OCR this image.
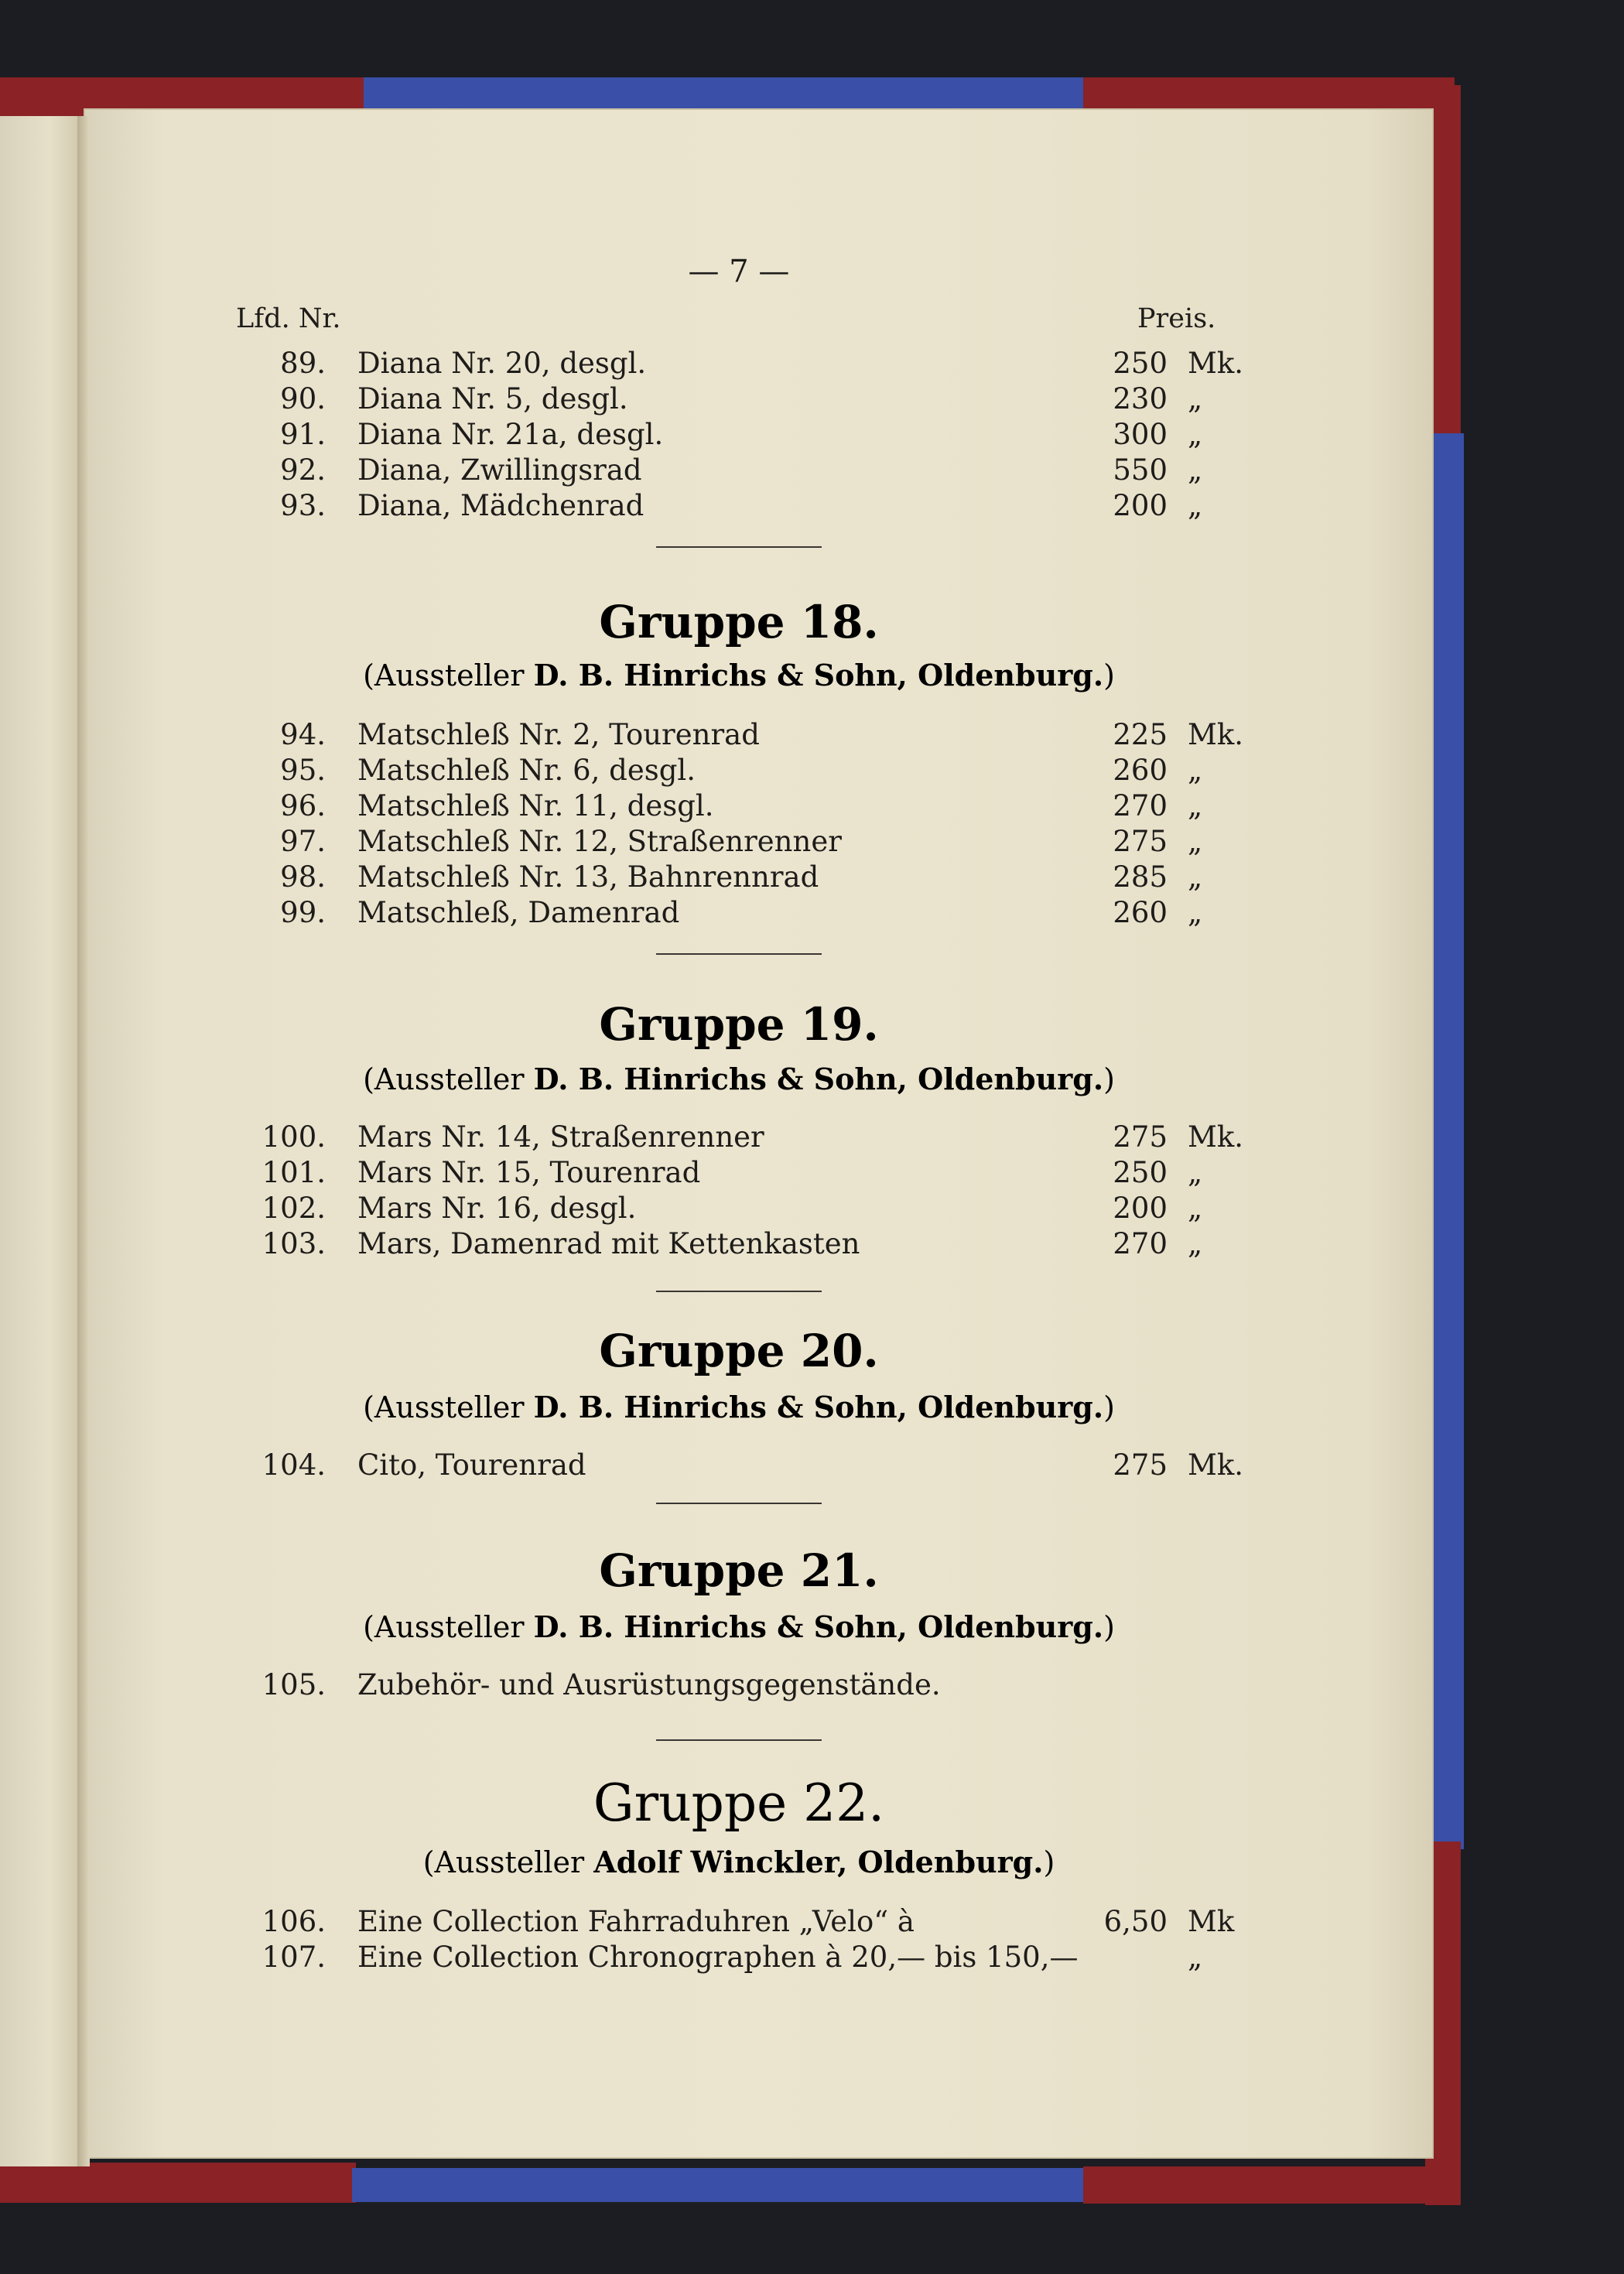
— 7 —
Lfd. Nr.	Preis.
89. Diana Nr. 20, desgl.	250 Mk.
90. Diana Nr. 5, desgl.	230 „
91. Diana Nr. 21a, desgl.	300 „
92. Diana, Zwillingsrad	550 „
93. Diana, Mädchenrad	200 „
Gruppe 18.
(Aussteller D. B. Hinrichs & Sohn, Oldenburg.)
94. Matschleß Nr. 2, Tourenrad	225 Mk.
95. Matschleß Nr. 6, desgl.	260 „
96. Matschleß Nr. 11, desgl.	270 „
97. Matschleß Nr. 12, Straßenrenner	275 „
98. Matschleß Nr. 13, Bahnrennrad	285 „
99. Matschleß, Damenrad	260 „
Gruppe 19.
(Aussteller D. B. Hinrichs & Sohn, Oldenburg.)
100. Mars Nr. 14, Straßenrenner	275 Mk.
101. Mars Nr. 15, Tourenrad	250 „
102. Mars Nr. 16, desgl.	200 „
103. Mars, Damenrad mit Kettenkasten	270 „
Gruppe 20.
(Aussteller D. B. Hinrichs & Sohn, Oldenburg.)
104. Cito, Tourenrad	275 Mk.
Gruppe 21.
(Aussteller D. B. Hinrichs & Sohn, Oldenburg.)
105. Zubehör- und Ausrüstungsgegenstände.
Gruppe 22.
(Aussteller Adolf Winckler, Oldenburg.)
106. Eine Collection Fahrraduhren „Velo“ à	6,50 Mk
107. Eine Collection Chronographen à 20,— bis 150,—	„
